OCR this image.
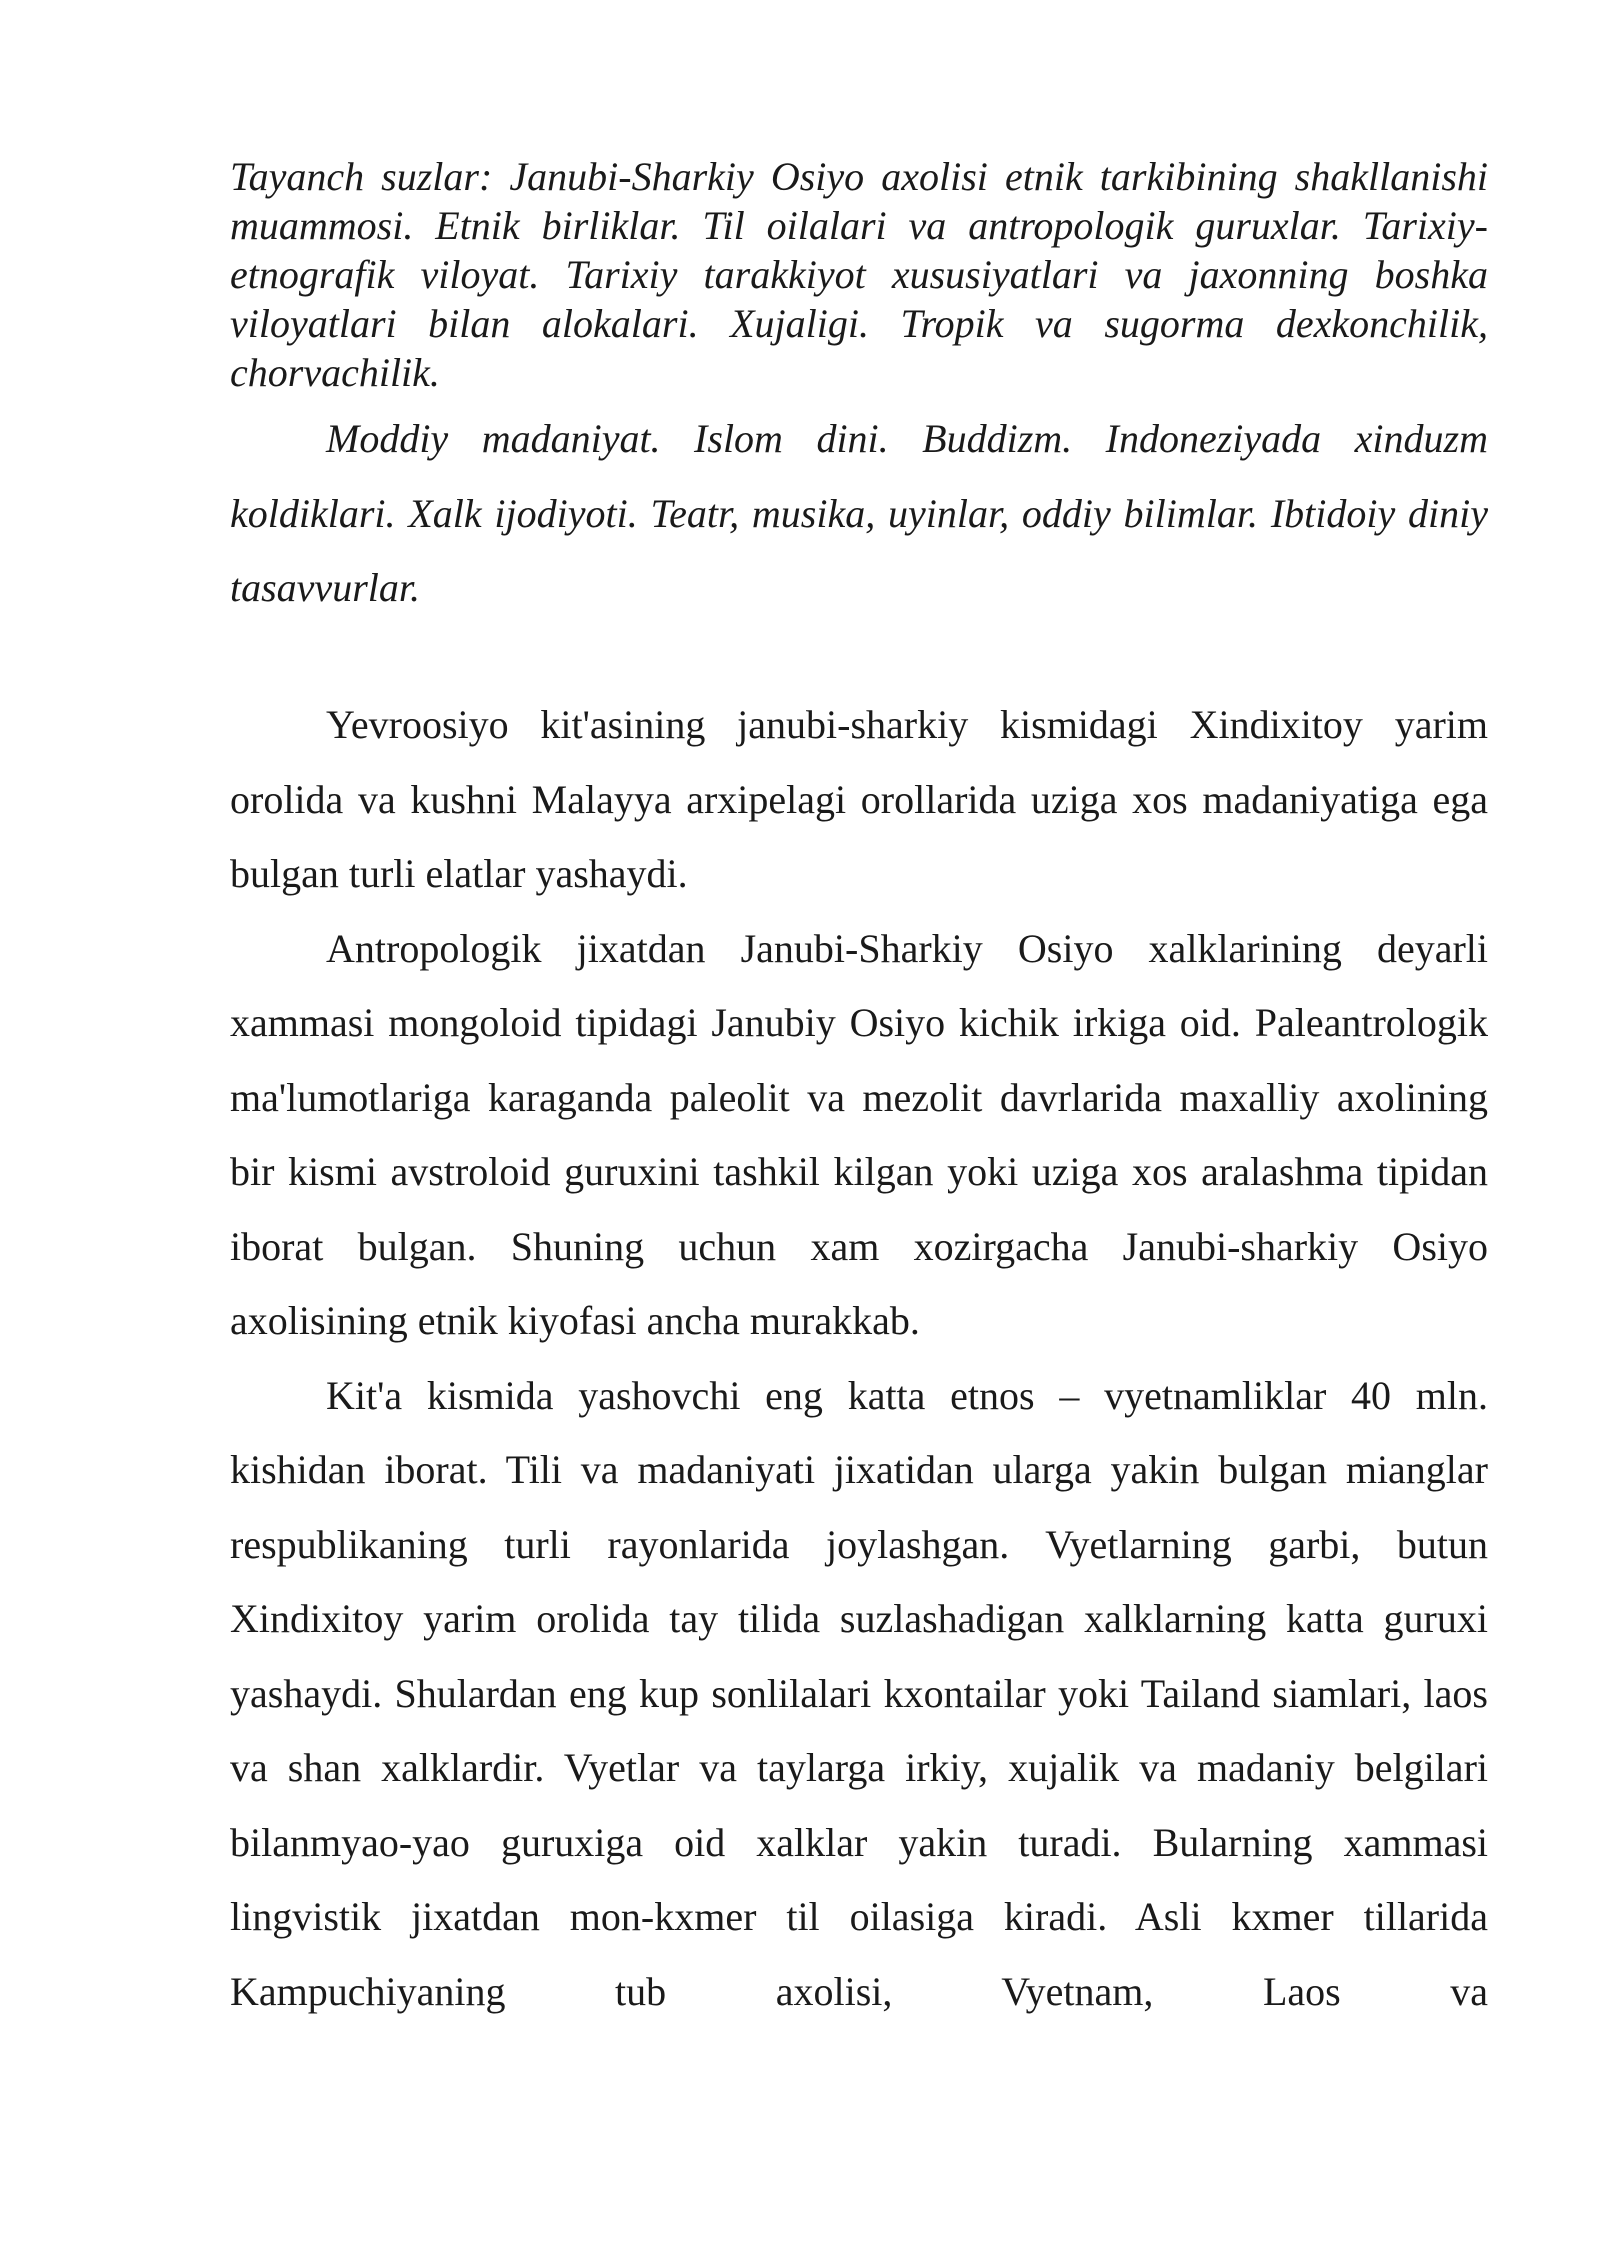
Tayanch suzlar: Janubi-Sharkiy Osiyo axolisi etnik tarkibining shakllanishi muammosi. Etnik birliklar. Til oilalari va antropologik guruxlar. Tarixiy-etnografik viloyat. Tarixiy tarakkiyot xususiyatlari va jaxonning boshka viloyatlari bilan alokalari. Xujaligi. Tropik va sugorma dexkonchilik, chorvachilik.

Moddiy madaniyat. Islom dini. Buddizm. Indoneziyada xinduzm koldiklari. Xalk ijodiyoti. Teatr, musika, uyinlar, oddiy bilimlar. Ibtidoiy diniy tasavvurlar.

Yevroosiyo kit'asining janubi-sharkiy kismidagi Xindixitoy yarim orolida va kushni Malayya arxipelagi orollarida uziga xos madaniyatiga ega bulgan turli elatlar yashaydi.

Antropologik jixatdan Janubi-Sharkiy Osiyo xalklarining deyarli xammasi mongoloid tipidagi Janubiy Osiyo kichik irkiga oid. Paleantrologik ma'lumotlariga karaganda paleolit va mezolit davrlarida maxalliy axolining bir kismi avstroloid guruxini tashkil kilgan yoki uziga xos aralashma tipidan iborat bulgan. Shuning uchun xam xozirgacha Janubi-sharkiy Osiyo axolisining etnik kiyofasi ancha murakkab.

Kit'a kismida yashovchi eng katta etnos – vyetnamliklar 40 mln. kishidan iborat. Tili va madaniyati jixatidan ularga yakin bulgan mianglar respublikaning turli rayonlarida joylashgan. Vyetlarning garbi, butun Xindixitoy yarim orolida tay tilida suzlashadigan xalklarning katta guruxi yashaydi. Shulardan eng kup sonlilalari kxontailar yoki Tailand siamlari, laos va shan xalklardir. Vyetlar va taylarga irkiy, xujalik va madaniy belgilari bilanmyao-yao guruxiga oid xalklar yakin turadi. Bularning xammasi lingvistik jixatdan mon-kxmer til oilasiga kiradi. Asli kxmer tillarida Kampuchiyaning tub axolisi, Vyetnam, Laos va
